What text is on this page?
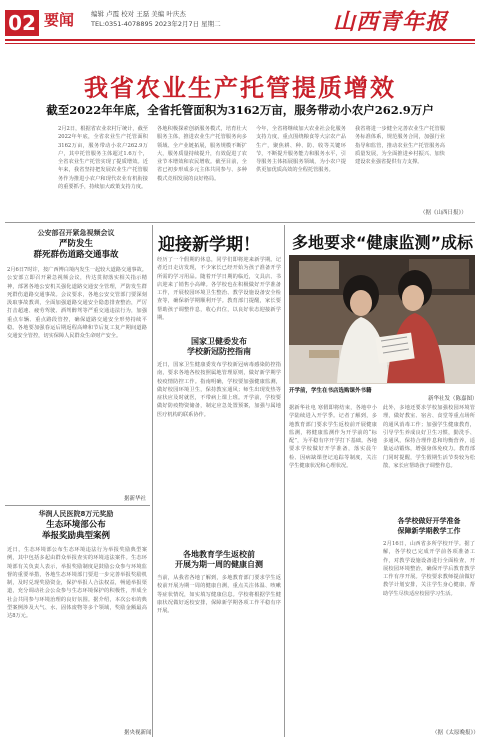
02 要闻	编辑 卢霞 校对 王磊 美编 叶庆杰
TEL:0351-4078895 2023年2月7日 星期二	山西青年报
我省农业生产托管提质增效
截至2022年年底，全省托管面积为3162万亩，服务带动小农户262.9万户
2月2日，根据省农业农村厅统计，截至2022年年底，全省农业生产托管面积3162万亩，服务带动小农户262.9万户，其中托管服务主体超过1.6万个，全省农业生产托管实现了提质增效。近年来，我省坚持把发展农业生产托管服务作为推进小农户和现代农业有机衔接的重要抓手，持续加大政策支持力度。
各地积极探索创新服务模式，培育壮大服务主体，推进农业生产托管服务向多领域、全产业链拓展，服务规模不断扩大，服务质量持续提升，有效促进了农业节本增效和农民增收。截至目前，全省已初步形成多元主体共同参与、多种模式竞相发展的良好格局。
今年，全省将继续加大农业社会化服务支持力度，重点围绕粮食等大宗农产品生产，聚焦耕、种、防、收等关键环节，不断提升服务能力和服务水平，引导服务主体拓展服务领域，为小农户提供更加优质高效的全程托管服务。
我省将进一步健全完善农业生产托管服务标准体系，规范服务合同，加强行业指导和监管，推动农业生产托管服务高质量发展，为全面推进乡村振兴、加快建设农业强省提供有力支撑。
（据《山西日报》）
公安部召开紧急视频会议
严防发生
群死群伤道路交通事故
2月6日7时许，按广西博白境内发生一起较大道路交通事故。公安部立即召开紧急视频会议，传达贯彻落实相关指示精神，部署各地公安机关强化道路交通安全管理，严防发生群死群伤道路交通事故。会议要求，各地公安交管部门要深刻汲取事故教训，全面加强道路交通安全隐患排查整治，严厉打击超速、疲劳驾驶、酒驾醉驾等严重交通违法行为，加强重点车辆、重点路段管控，确保道路交通安全形势持续平稳。各地要加强春运后期返程高峰和节后复工复产期间道路交通安全管控，切实保障人民群众生命财产安全。
据新华社
华润人民医院8万元奖励
生态环境部公布
举报奖励典型案例
近日，生态环境部公布生态环境违法行为举报奖励典型案例，其中包括多起由群众举报查实的环境违法案件。生态环境部有关负责人表示，举报奖励制度是鼓励公众参与环境监督的重要举措，各地生态环境部门要进一步完善举报奖励机制，及时兑现奖励资金，保护举报人合法权益，畅通举报渠道，充分调动社会公众参与生态环境保护的积极性，形成全社会共同参与环境治理的良好氛围。据介绍，本次公布的典型案例涉及大气、水、固体废物等多个领域，奖励金额最高达8万元。
据央视新闻
迎接新学期！
经历了一个假期的休息，同学们即将迎来新学期。记者近日走访发现，不少家长已经开始为孩子准备开学所需的学习用品。随着开学日期的临近，文具店、书店迎来了销售小高峰。各学校也在积极做好开学准备工作，开展校园环境卫生整治、教学设施设备安全检查等，确保新学期顺利开学。教育部门提醒，家长要帮助孩子调整作息，收心归位，以良好状态迎接新学期。
国家卫健委发布
学校新冠防控指南
近日，国家卫生健康委发布学校新冠病毒感染防控指南，要求各地各校按照属地管理原则，做好新学期学校疫情防控工作。指南明确，学校要加强健康监测，做好校园环境卫生，保持教室通风；师生出现发热等症状应及时就医，不带病上课上班。开学前，学校要做好防疫物资储备，制定应急处置预案，加强与属地医疗机构的联系协作。
各地教育学生返校前
开展为期一周的健康自测
当前，从我省各地了解到，多地教育部门要求学生返校前开展为期一周的健康自测，重点关注体温、咳嗽等症状情况，如实填写健康信息。学校将根据学生健康状况做好返校安排，保障新学期各项工作平稳有序开展。
多地要求“健康监测”成标
开学前，学生在书店选购课外书籍
新华社发（陈嘉图）
据新华社电 寒假即将结束，各地中小学陆续进入开学季。记者了解到，多地教育部门要求学生返校前开展健康监测，将健康监测作为开学前的“标配”，为平稳有序开学打下基础。各地要求学校做好开学准备，落实晨午检、因病缺课登记追踪等制度，关注学生健康状况和心理状况。
此外，多地还要求学校加强校园环境管理，做好教室、宿舍、食堂等重点场所的通风消毒工作；加强学生健康教育，引导学生养成良好卫生习惯，勤洗手、多通风，保持合理作息和均衡营养，适量运动锻炼，增强身体免疫力。教育部门同时提醒，学生假期生活节奏较为松散，家长应帮助孩子调整作息。
各学校做好开学准备
保障新学期教学工作
2月16日，山西省多所学校开学。据了解，各学校已完成开学前各项准备工作，对教学设施设备进行全面检查，开展校园环境整治，确保开学后教育教学工作有序开展。学校要求教师提前做好教学计划安排，关注学生身心健康，帮助学生尽快适应校园学习生活。
（据《太原晚报》）
